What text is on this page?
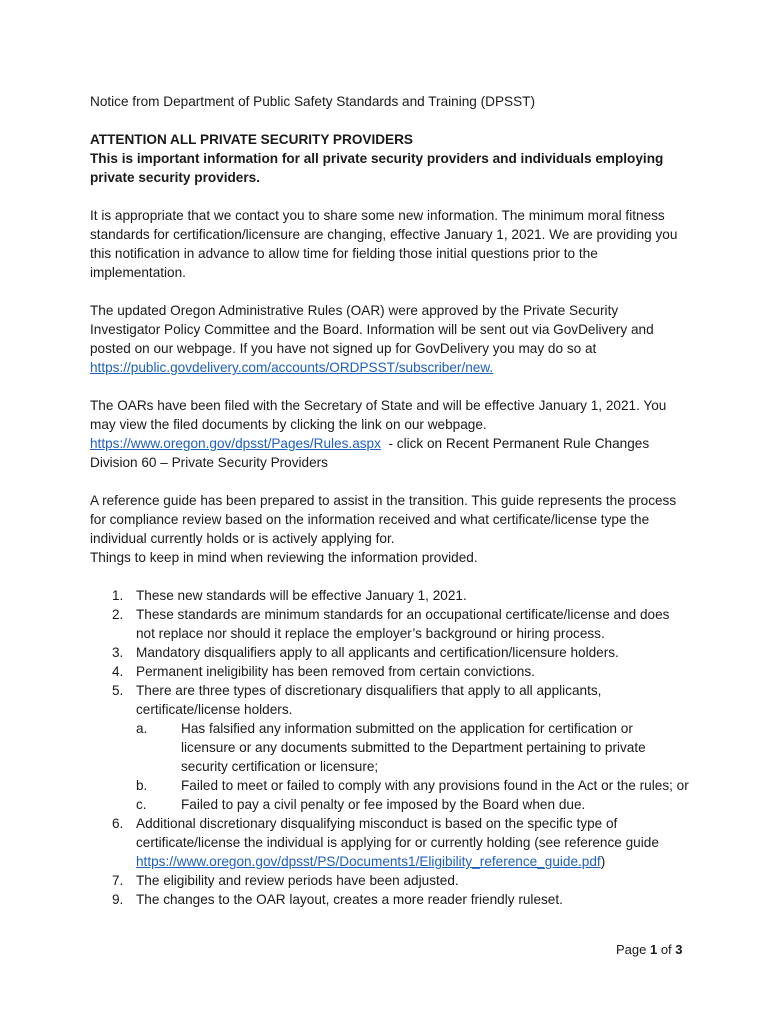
Notice from Department of Public Safety Standards and Training (DPSST)

ATTENTION ALL PRIVATE SECURITY PROVIDERS

This is important information for all private security providers and individuals employing private security providers.

It is appropriate that we contact you to share some new information. The minimum moral fitness standards for certification/licensure are changing, effective January 1, 2021. We are providing you this notification in advance to allow time for fielding those initial questions prior to the implementation.

The updated Oregon Administrative Rules (OAR) were approved by the Private Security Investigator Policy Committee and the Board. Information will be sent out via GovDelivery and posted on our webpage. If you have not signed up for GovDelivery you may do so at https://public.govdelivery.com/accounts/ORDPSST/subscriber/new.

The OARs have been filed with the Secretary of State and will be effective January 1, 2021. You may view the filed documents by clicking the link on our webpage.

https://www.oregon.gov/dpsst/Pages/Rules.aspx  - click on Recent Permanent Rule Changes

Division 60 – Private Security Providers

A reference guide has been prepared to assist in the transition. This guide represents the process for compliance review based on the information received and what certificate/license type the individual currently holds or is actively applying for.

Things to keep in mind when reviewing the information provided.

1. These new standards will be effective January 1, 2021.
2. These standards are minimum standards for an occupational certificate/license and does not replace nor should it replace the employer’s background or hiring process.
3. Mandatory disqualifiers apply to all applicants and certification/licensure holders.
4. Permanent ineligibility has been removed from certain convictions.
5. There are three types of discretionary disqualifiers that apply to all applicants, certificate/license holders.
a. Has falsified any information submitted on the application for certification or licensure or any documents submitted to the Department pertaining to private security certification or licensure;
b. Failed to meet or failed to comply with any provisions found in the Act or the rules; or
c.	Failed to pay a civil penalty or fee imposed by the Board when due.
6. Additional discretionary disqualifying misconduct is based on the specific type of certificate/license the individual is applying for or currently holding (see reference guide https://www.oregon.gov/dpsst/PS/Documents1/Eligibility_reference_guide.pdf)
7. The eligibility and review periods have been adjusted.
9. The changes to the OAR layout, creates a more reader friendly ruleset.
Page 1 of 3
